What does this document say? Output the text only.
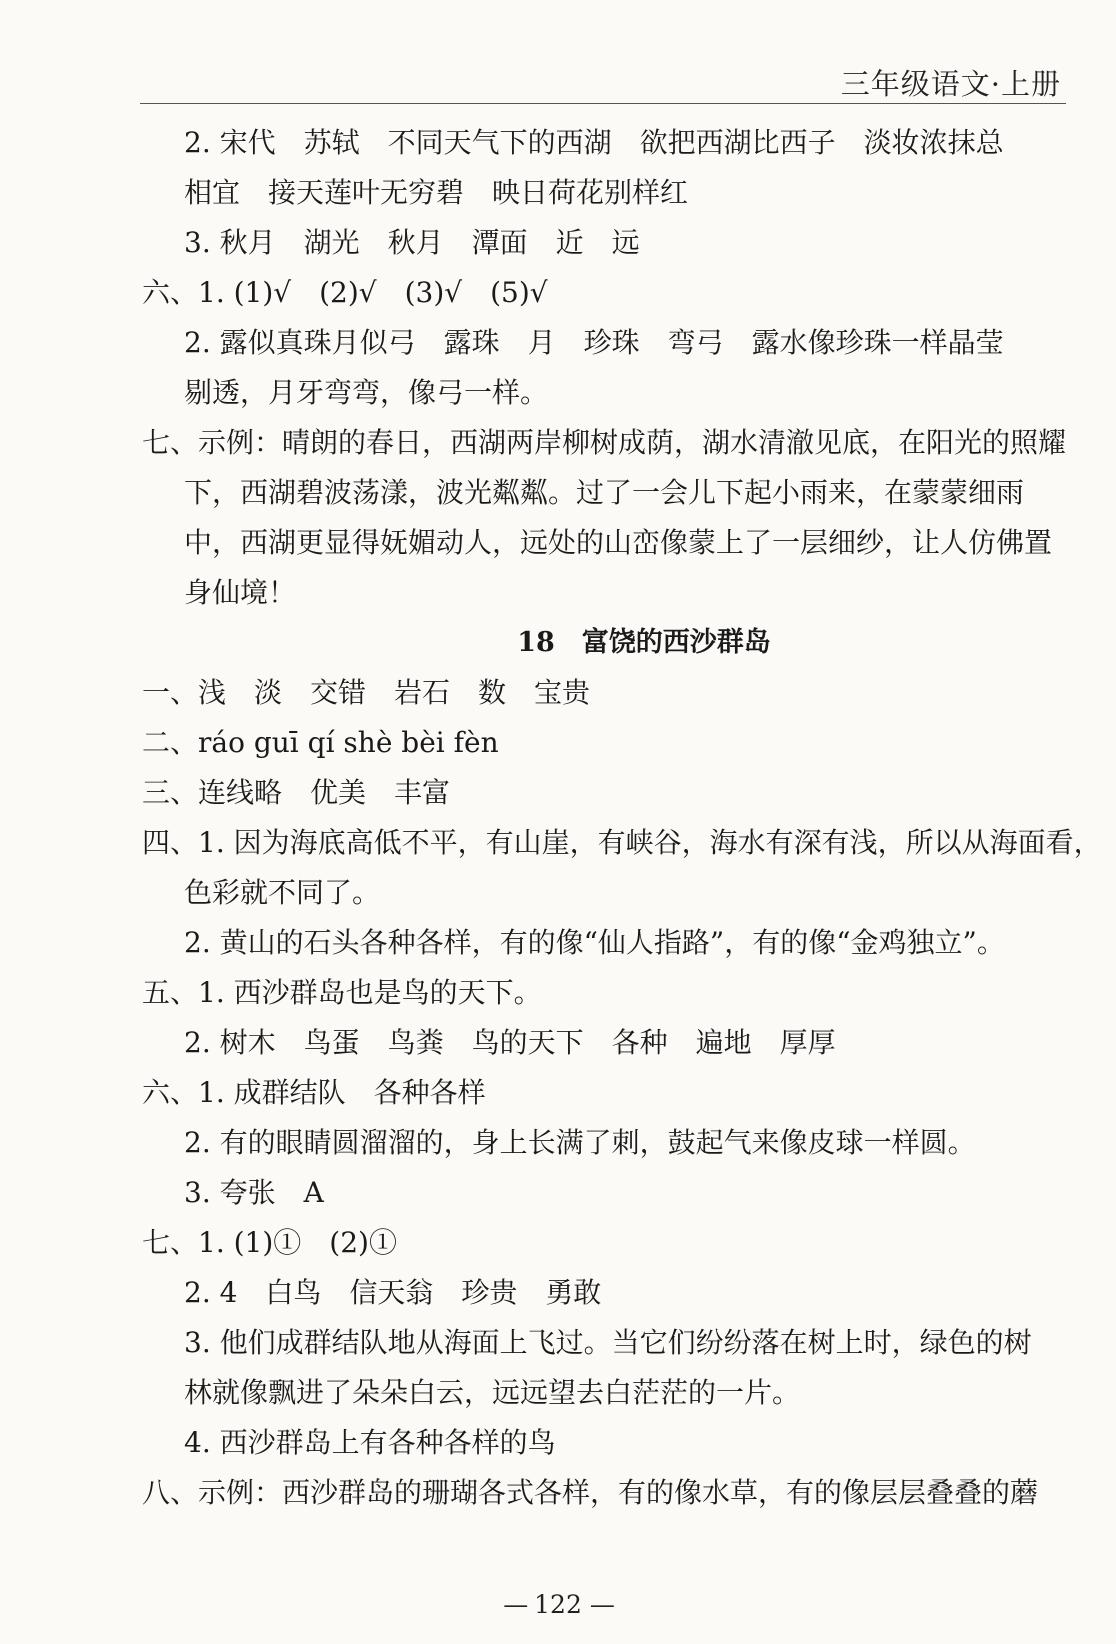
三年级语文·上册
2. 宋代　苏轼　不同天气下的西湖　欲把西湖比西子　淡妆浓抹总
相宜　接天莲叶无穷碧　映日荷花别样红
3. 秋月　湖光　秋月　潭面　近　远
六、1. (1)√　(2)√　(3)√　(5)√
2. 露似真珠月似弓　露珠　月　珍珠　弯弓　露水像珍珠一样晶莹
剔透，月牙弯弯，像弓一样。
七、示例：晴朗的春日，西湖两岸柳树成荫，湖水清澈见底，在阳光的照耀
下，西湖碧波荡漾，波光粼粼。过了一会儿下起小雨来，在蒙蒙细雨
中，西湖更显得妩媚动人，远处的山峦像蒙上了一层细纱，让人仿佛置
身仙境！
18　富饶的西沙群岛
一、浅　淡　交错　岩石　数　宝贵
二、ráo guī qí shè bèi fèn
三、连线略　优美　丰富
四、1. 因为海底高低不平，有山崖，有峡谷，海水有深有浅，所以从海面看，
色彩就不同了。
2. 黄山的石头各种各样，有的像“仙人指路”，有的像“金鸡独立”。
五、1. 西沙群岛也是鸟的天下。
2. 树木　鸟蛋　鸟粪　鸟的天下　各种　遍地　厚厚
六、1. 成群结队　各种各样
2. 有的眼睛圆溜溜的，身上长满了刺，鼓起气来像皮球一样圆。
3. 夸张　A
七、1. (1)①　(2)①
2. 4　白鸟　信天翁　珍贵　勇敢
3. 他们成群结队地从海面上飞过。当它们纷纷落在树上时，绿色的树
林就像飘进了朵朵白云，远远望去白茫茫的一片。
4. 西沙群岛上有各种各样的鸟
八、示例：西沙群岛的珊瑚各式各样，有的像水草，有的像层层叠叠的蘑
— 122 —
